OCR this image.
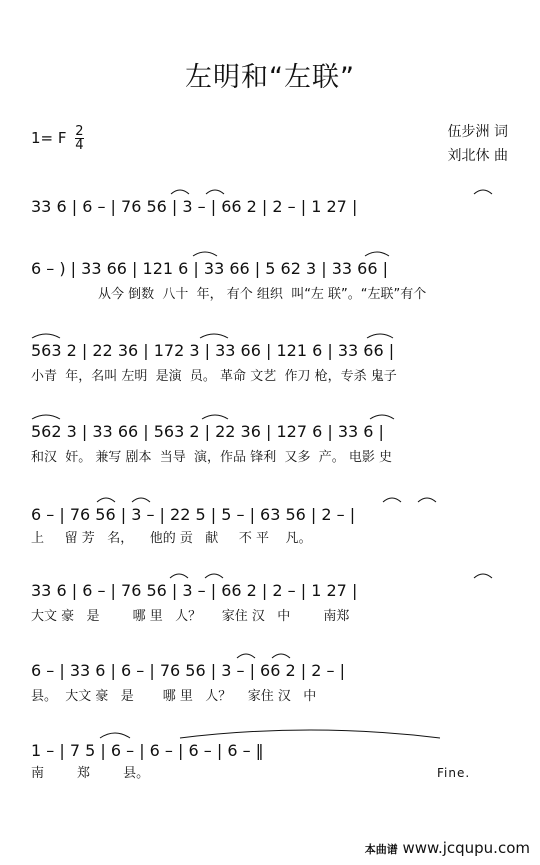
左明和“左联”
1= F $\frac{2}{4}$	伍步洲 词
刘北休 曲
33 6 | 6 – | 76 56 | 3 – | 66 2 | 2 – | 1 27 |
6 – ) | 33 66 | 121 6 | 33 66 | 5 62 3 | 33 66 |
从今 倒数  八十  年， 有个 组织  叫“左 联”。“左联”有个
563 2 | 22 36 | 172 3 | 33 66 | 121 6 | 33 66 |
小青  年，名叫 左明  是演  员。 革命 文艺  作刀 枪，专杀 鬼子
562 3 | 33 66 | 563 2 | 22 36 | 127 6 | 33 6 |
和汉  奸。 兼写 剧本  当导  演，作品 锋利  又多  产。 电影 史
6 – | 76 56 | 3 – | 22 5 | 5 – | 63 56 | 2 – |
上     留 芳   名，    他的 贡   献     不 平    凡。
33 6 | 6 – | 76 56 | 3 – | 66 2 | 2 – | 1 27 |
大文 豪   是        哪 里   人？     家住 汉   中        南郑
6 – | 33 6 | 6 – | 76 56 | 3 – | 66 2 | 2 – |
县。  大文 豪   是       哪 里   人？    家住 汉   中
1 – | 7 5 | 6 – | 6 – | 6 – | 6 – ‖
南        郑        县。	Fine.
本曲谱 www.jcqupu.com
